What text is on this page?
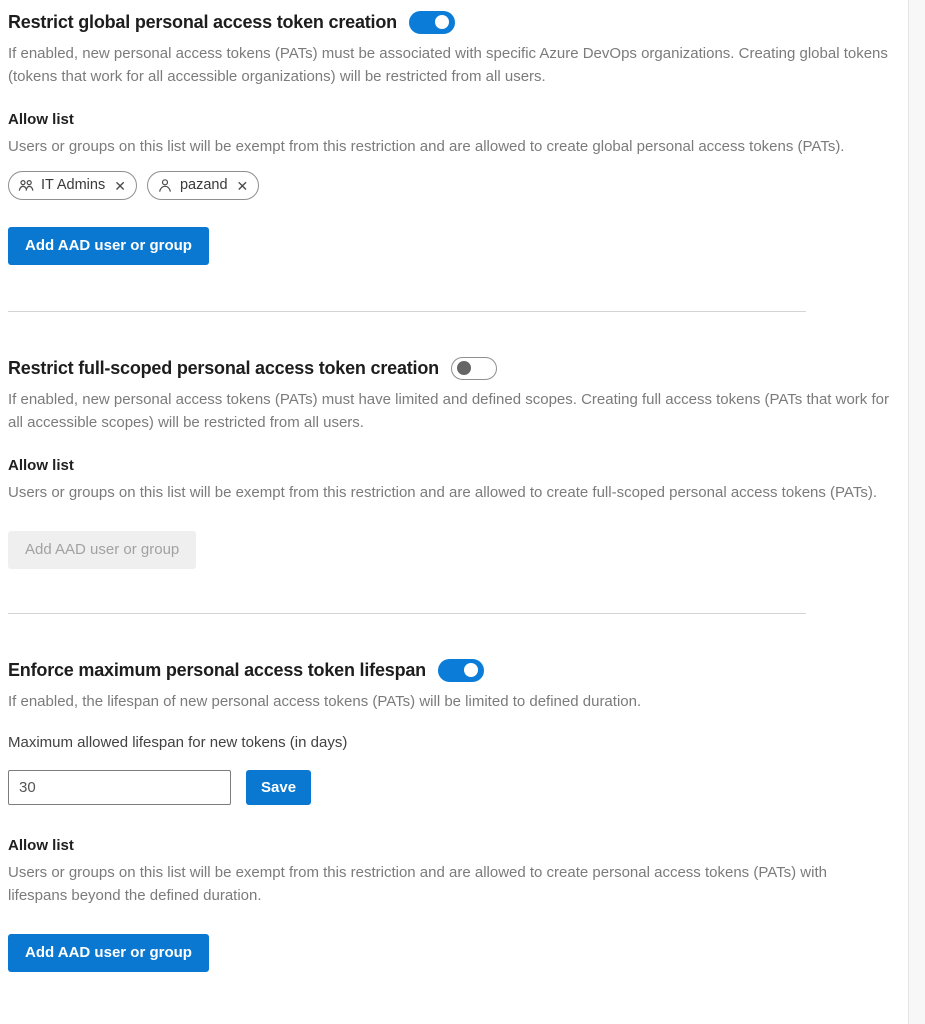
Restrict global personal access token creation

If enabled, new personal access tokens (PATs) must be associated with specific Azure DevOps organizations. Creating global tokens (tokens that work for all accessible organizations) will be restricted from all users.

Allow list

Users or groups on this list will be exempt from this restriction and are allowed to create global personal access tokens (PATs).

IT Admins ✕	pazand ✕
Add AAD user or group
Restrict full-scoped personal access token creation

If enabled, new personal access tokens (PATs) must have limited and defined scopes. Creating full access tokens (PATs that work for all accessible scopes) will be restricted from all users.

Allow list

Users or groups on this list will be exempt from this restriction and are allowed to create full-scoped personal access tokens (PATs).

Add AAD user or group
Enforce maximum personal access token lifespan

If enabled, the lifespan of new personal access tokens (PATs) will be limited to defined duration.

Maximum allowed lifespan for new tokens (in days)
30
Save
Allow list

Users or groups on this list will be exempt from this restriction and are allowed to create personal access tokens (PATs) with lifespans beyond the defined duration.

Add AAD user or group
